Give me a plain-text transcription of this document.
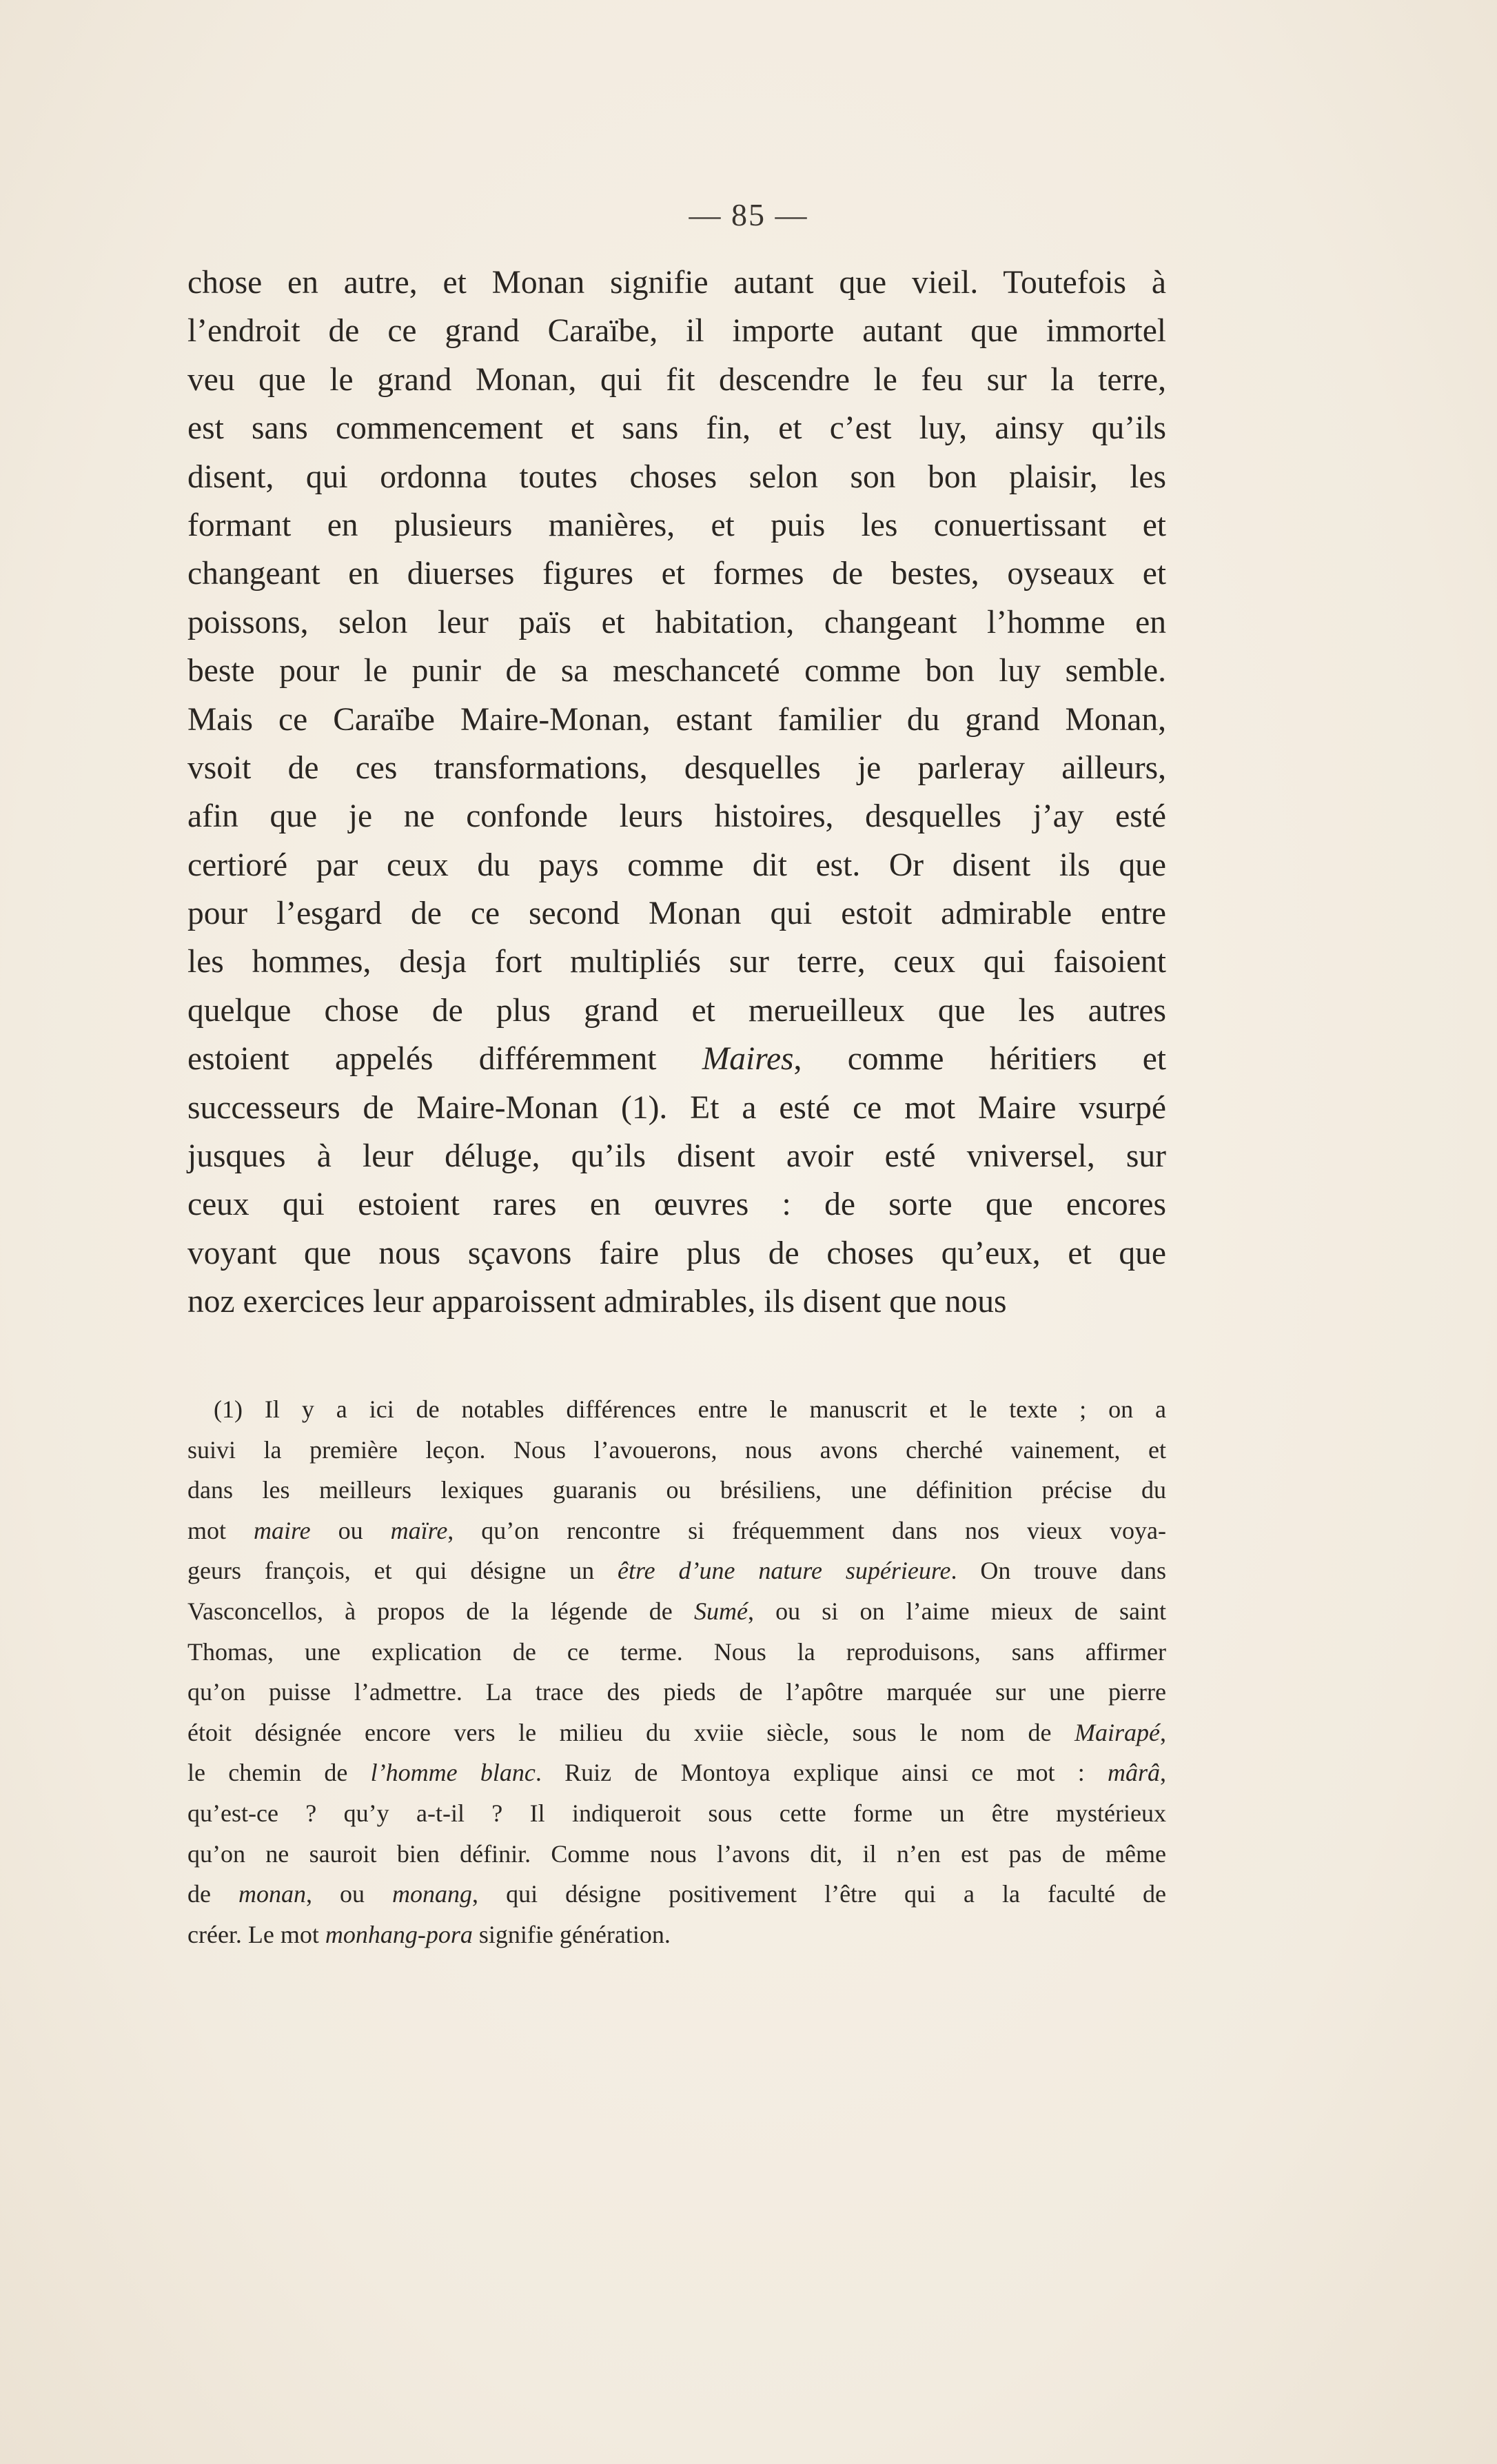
— 85 —
chose en autre, et Monan signifie autant que vieil. Toutefois à
l’endroit de ce grand Caraïbe, il importe autant que immortel
veu que le grand Monan, qui fit descendre le feu sur la terre,
est sans commencement et sans fin, et c’est luy, ainsy qu’ils
disent, qui ordonna toutes choses selon son bon plaisir, les
formant en plusieurs manières, et puis les conuertissant et
changeant en diuerses figures et formes de bestes, oyseaux et
poissons, selon leur païs et habitation, changeant l’homme en
beste pour le punir de sa meschanceté comme bon luy semble.
Mais ce Caraïbe Maire-Monan, estant familier du grand Monan,
vsoit de ces transformations, desquelles je parleray ailleurs,
afin que je ne confonde leurs histoires, desquelles j’ay esté
certioré par ceux du pays comme dit est. Or disent ils que
pour l’esgard de ce second Monan qui estoit admirable entre
les hommes, desja fort multipliés sur terre, ceux qui faisoient
quelque chose de plus grand et merueilleux que les autres
estoient appelés différemment Maires, comme héritiers et
successeurs de Maire-Monan (1). Et a esté ce mot Maire vsurpé
jusques à leur déluge, qu’ils disent avoir esté vniversel, sur
ceux qui estoient rares en œuvres : de sorte que encores
voyant que nous sçavons faire plus de choses qu’eux, et que
noz exercices leur apparoissent admirables, ils disent que nous
(1) Il y a ici de notables différences entre le manuscrit et le texte ; on a
suivi la première leçon. Nous l’avouerons, nous avons cherché vainement, et
dans les meilleurs lexiques guaranis ou brésiliens, une définition précise du
mot maire ou maïre, qu’on rencontre si fréquemment dans nos vieux voya-
geurs françois, et qui désigne un être d’une nature supérieure. On trouve dans
Vasconcellos, à propos de la légende de Sumé, ou si on l’aime mieux de saint
Thomas, une explication de ce terme. Nous la reproduisons, sans affirmer
qu’on puisse l’admettre. La trace des pieds de l’apôtre marquée sur une pierre
étoit désignée encore vers le milieu du xviie siècle, sous le nom de Mairapé,
le chemin de l’homme blanc. Ruiz de Montoya explique ainsi ce mot : mârâ,
qu’est-ce ? qu’y a-t-il ? Il indiqueroit sous cette forme un être mystérieux
qu’on ne sauroit bien définir. Comme nous l’avons dit, il n’en est pas de même
de monan, ou monang, qui désigne positivement l’être qui a la faculté de
créer. Le mot monhang-pora signifie génération.
